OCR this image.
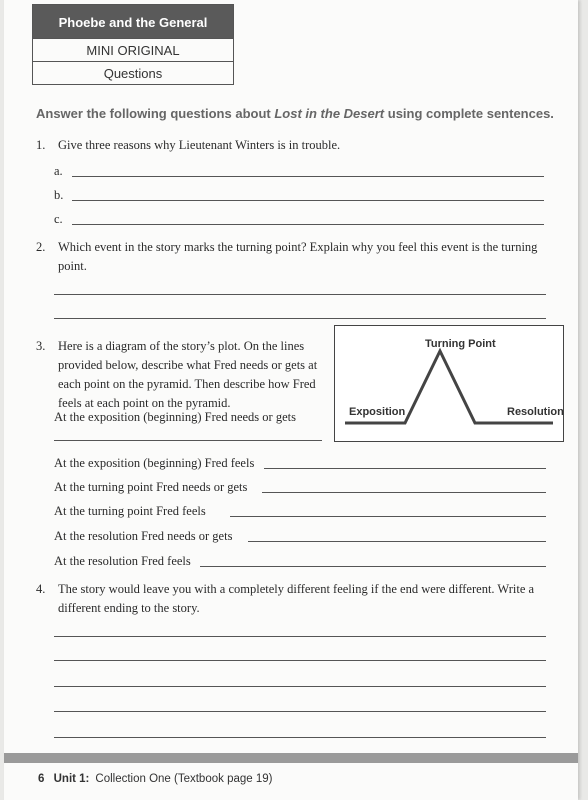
Phoebe and the General
MINI ORIGINAL
Questions
Answer the following questions about Lost in the Desert using complete sentences.
1. Give three reasons why Lieutenant Winters is in trouble.
a.
b.
c.
2. Which event in the story marks the turning point? Explain why you feel this event is the turning
point.
3. Here is a diagram of the story’s plot. On the lines
provided below, describe what Fred needs or gets at
each point on the pyramid. Then describe how Fred
feels at each point on the pyramid.
At the exposition (beginning) Fred needs or gets
Turning Point
Exposition	Resolution
At the exposition (beginning) Fred feels
At the turning point Fred needs or gets
At the turning point Fred feels
At the resolution Fred needs or gets
At the resolution Fred feels
4. The story would leave you with a completely different feeling if the end were different. Write a
different ending to the story.
6 Unit 1: Collection One (Textbook page 19)
